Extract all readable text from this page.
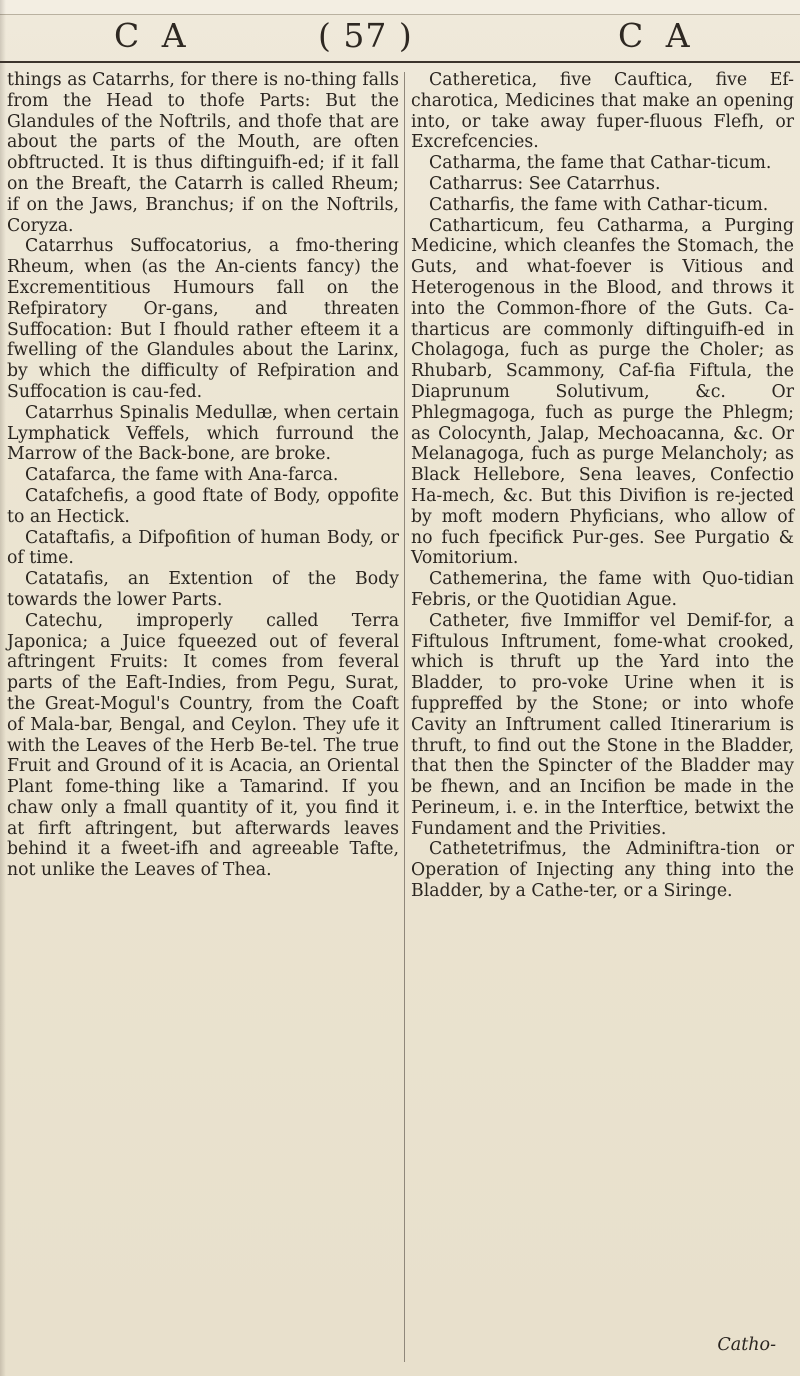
C A	( 57 )	C A

things as Catarrhs, for there is no-thing falls from the Head to thofe Parts: But the Glandules of the Noftrils, and thofe that are about the parts of the Mouth, are often obftructed. It is thus diftinguifh-ed; if it fall on the Breaft, the Catarrh is called Rheum; if on the Jaws, Branchus; if on the Noftrils, Coryza.

Catarrhus Suffocatorius, a fmo-thering Rheum, when (as the An-cients fancy) the Excrementitious Humours fall on the Refpiratory Or-gans, and threaten Suffocation: But I fhould rather efteem it a fwelling of the Glandules about the Larinx, by which the difficulty of Refpiration and Suffocation is cau-fed.

Catarrhus Spinalis Medullæ, when certain Lymphatick Veffels, which furround the Marrow of the Back-bone, are broke.

Catafarca, the fame with Ana-farca.

Catafchefis, a good ftate of Body, oppofite to an Hectick.

Cataftafis, a Difpofition of human Body, or of time.

Catatafis, an Extention of the Body towards the lower Parts.

Catechu, improperly called Terra Japonica; a Juice fqueezed out of feveral aftringent Fruits: It comes from feveral parts of the Eaft-Indies, from Pegu, Surat, the Great-Mogul's Country, from the Coaft of Mala-bar, Bengal, and Ceylon. They ufe it with the Leaves of the Herb Be-tel. The true Fruit and Ground of it is Acacia, an Oriental Plant fome-thing like a Tamarind. If you chaw only a fmall quantity of it, you find it at firft aftringent, but afterwards leaves behind it a fweet-ifh and agreeable Tafte, not unlike the Leaves of Thea.

Catheretica, five Cauftica, five Ef-charotica, Medicines that make an opening into, or take away fuper-fluous Flefh, or Excrefcencies.

Catharma, the fame that Cathar-ticum.

Catharrus: See Catarrhus.

Catharfis, the fame with Cathar-ticum.

Catharticum, feu Catharma, a Purging Medicine, which cleanfes the Stomach, the Guts, and what-foever is Vitious and Heterogenous in the Blood, and throws it into the Common-fhore of the Guts. Ca-tharticus are commonly diftinguifh-ed in Cholagoga, fuch as purge the Choler; as Rhubarb, Scammony, Caf-fia Fiftula, the Diaprunum Solutivum, &c. Or Phlegmagoga, fuch as purge the Phlegm; as Colocynth, Jalap, Mechoacanna, &c. Or Melanagoga, fuch as purge Melancholy; as Black Hellebore, Sena leaves, Confectio Ha-mech, &c. But this Divifion is re-jected by moft modern Phyficians, who allow of no fuch fpecifick Pur-ges. See Purgatio & Vomitorium.

Cathemerina, the fame with Quo-tidian Febris, or the Quotidian Ague.

Catheter, five Immiffor vel Demif-for, a Fiftulous Inftrument, fome-what crooked, which is thruft up the Yard into the Bladder, to pro-voke Urine when it is fuppreffed by the Stone; or into whofe Cavity an Inftrument called Itinerarium is thruft, to find out the Stone in the Bladder, that then the Spincter of the Bladder may be fhewn, and an Incifion be made in the Perineum, i. e. in the Interftice, betwixt the Fundament and the Privities.

Cathetetrifmus, the Adminiftra-tion or Operation of Injecting any thing into the Bladder, by a Cathe-ter, or a Siringe.

Catho-
